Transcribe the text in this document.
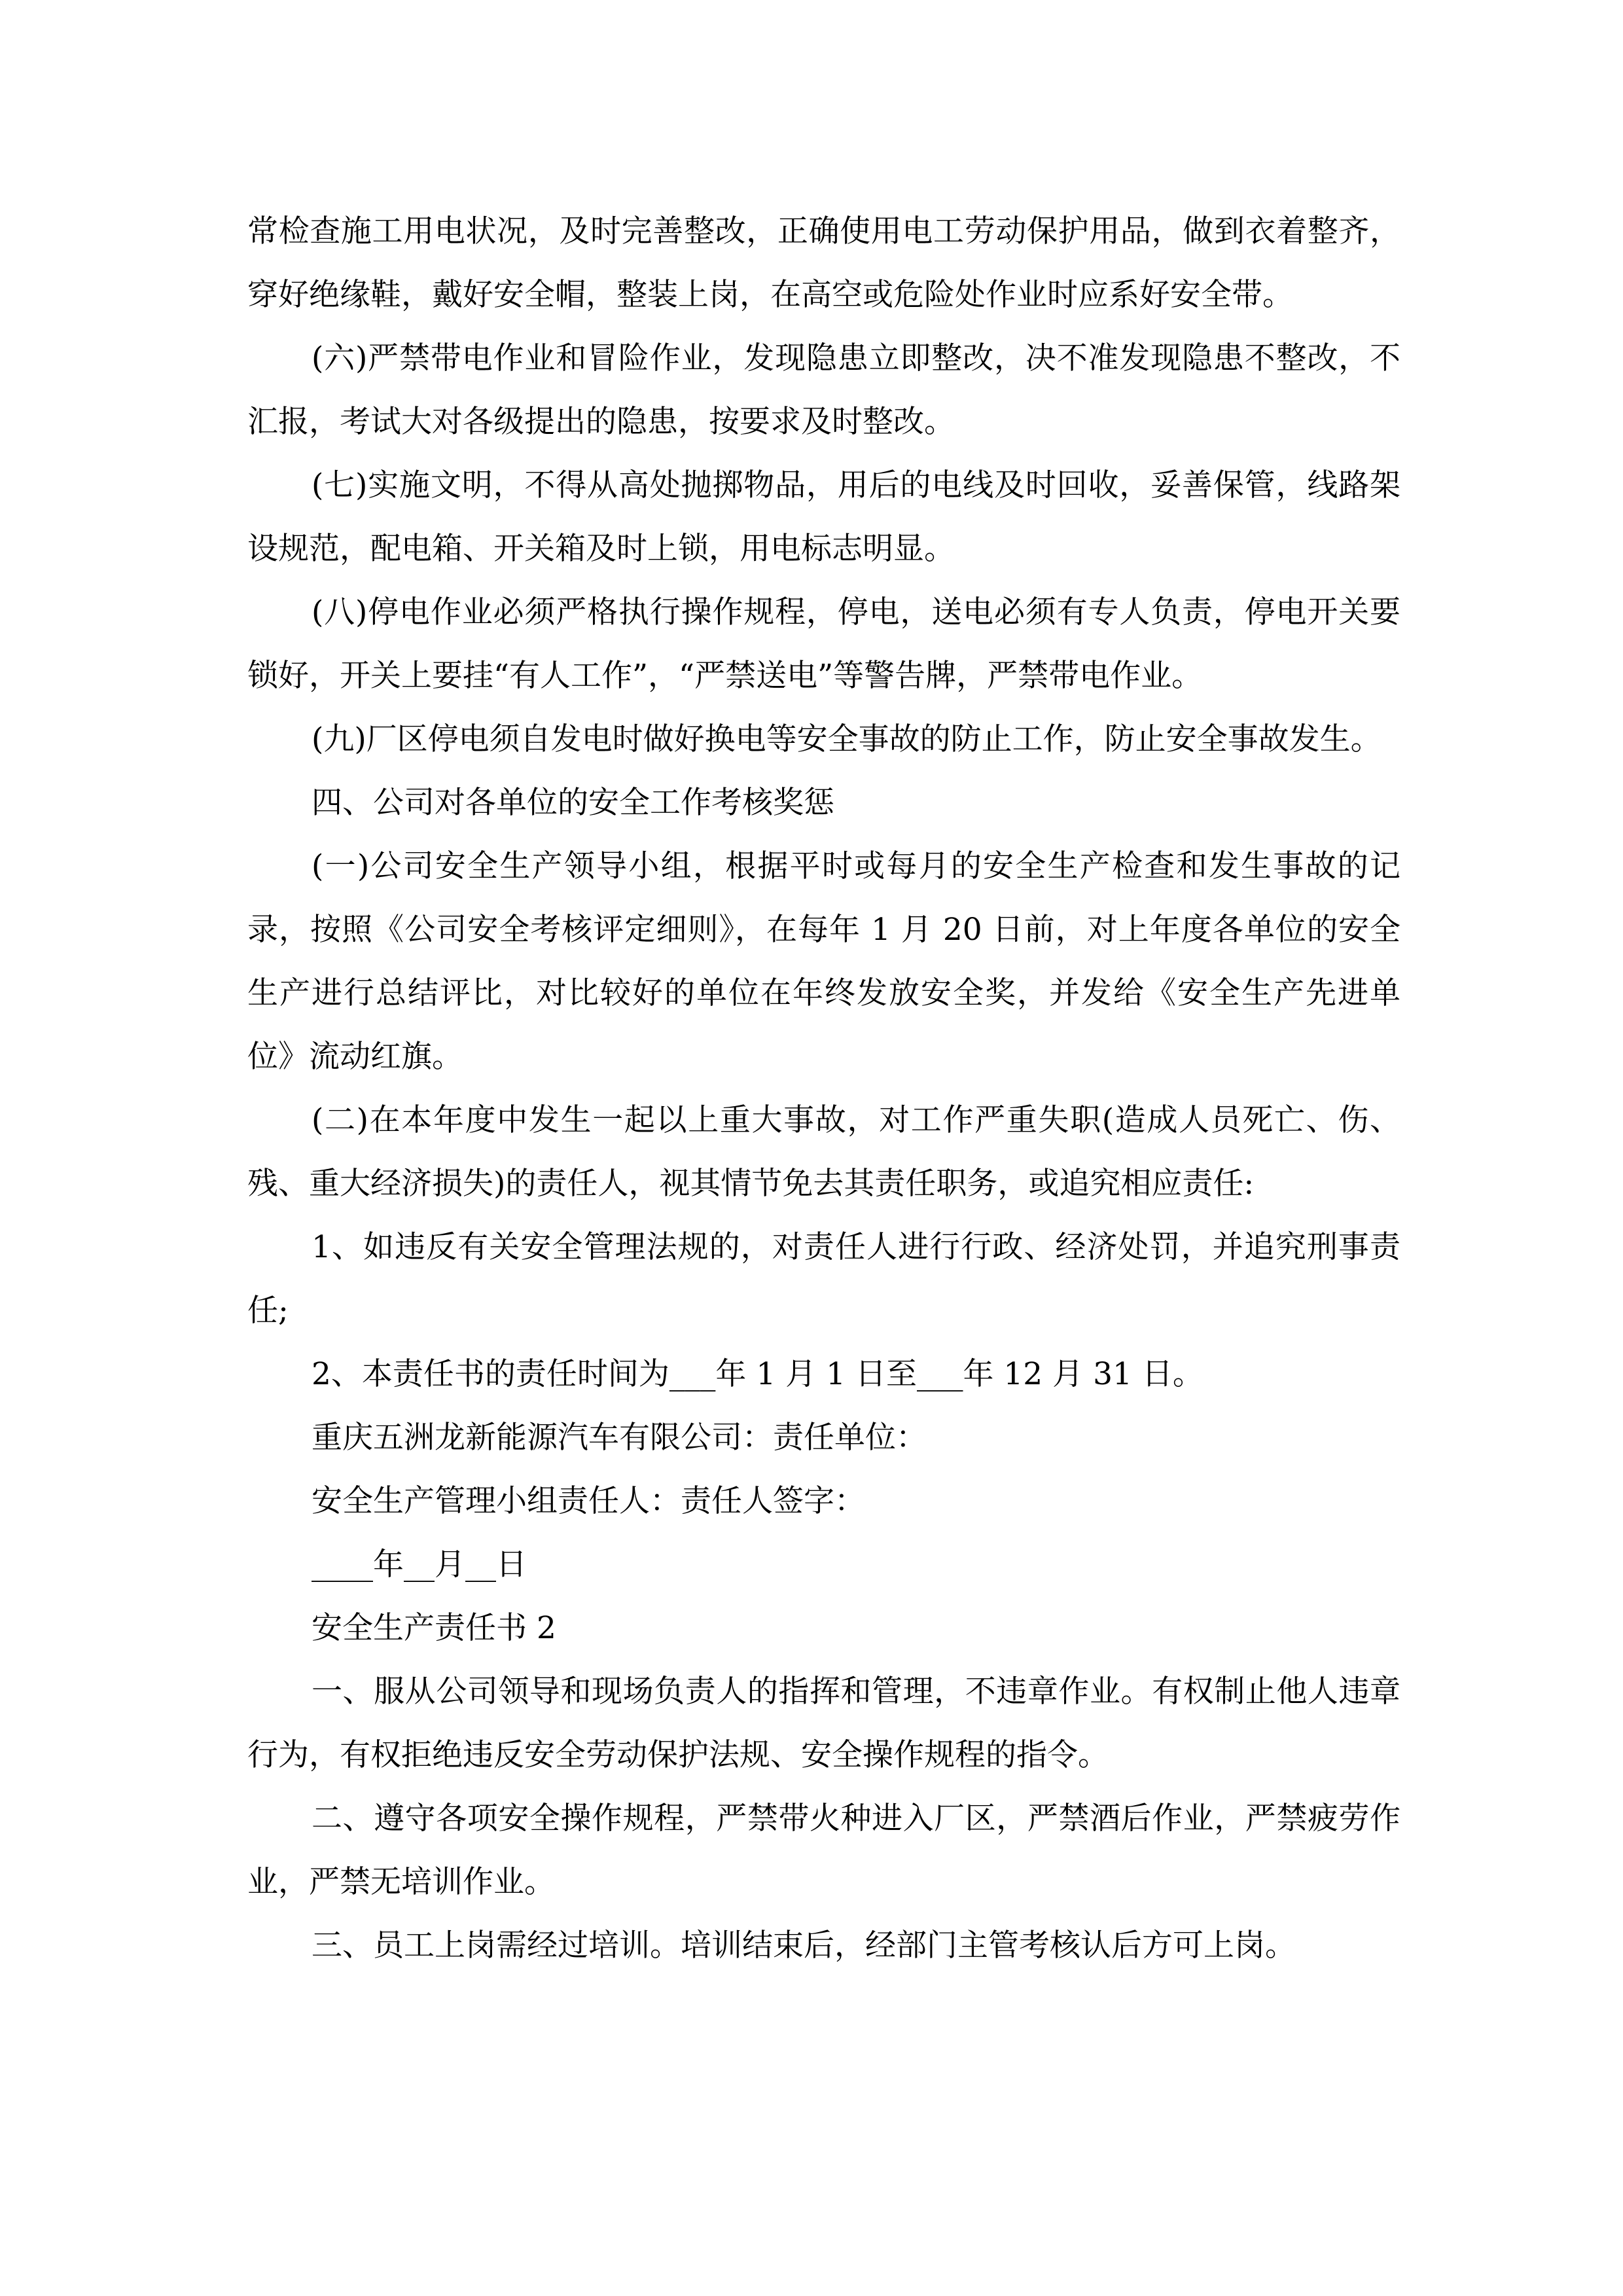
常检查施工用电状况，及时完善整改，正确使用电工劳动保护用品，做到衣着整齐，穿好绝缘鞋，戴好安全帽，整装上岗，在高空或危险处作业时应系好安全带。

(六)严禁带电作业和冒险作业，发现隐患立即整改，决不准发现隐患不整改，不汇报，考试大对各级提出的隐患，按要求及时整改。

(七)实施文明，不得从高处抛掷物品，用后的电线及时回收，妥善保管，线路架设规范，配电箱、开关箱及时上锁，用电标志明显。

(八)停电作业必须严格执行操作规程，停电，送电必须有专人负责，停电开关要锁好，开关上要挂“有人工作”，“严禁送电”等警告牌，严禁带电作业。

(九)厂区停电须自发电时做好换电等安全事故的防止工作，防止安全事故发生。

四、公司对各单位的安全工作考核奖惩

(一)公司安全生产领导小组，根据平时或每月的安全生产检查和发生事故的记录，按照《公司安全考核评定细则》，在每年 1 月 20 日前，对上年度各单位的安全生产进行总结评比，对比较好的单位在年终发放安全奖，并发给《安全生产先进单位》流动红旗。

(二)在本年度中发生一起以上重大事故，对工作严重失职(造成人员死亡、伤、残、重大经济损失)的责任人，视其情节免去其责任职务，或追究相应责任:

1、如违反有关安全管理法规的，对责任人进行行政、经济处罚，并追究刑事责任;

2、本责任书的责任时间为___年 1 月 1 日至___年 12 月 31 日。

重庆五洲龙新能源汽车有限公司：责任单位：

安全生产管理小组责任人：责任人签字：

____年__月__日

安全生产责任书 2

一、服从公司领导和现场负责人的指挥和管理，不违章作业。有权制止他人违章行为，有权拒绝违反安全劳动保护法规、安全操作规程的指令。

二、遵守各项安全操作规程，严禁带火种进入厂区，严禁酒后作业，严禁疲劳作业，严禁无培训作业。

三、员工上岗需经过培训。培训结束后，经部门主管考核认后方可上岗。
